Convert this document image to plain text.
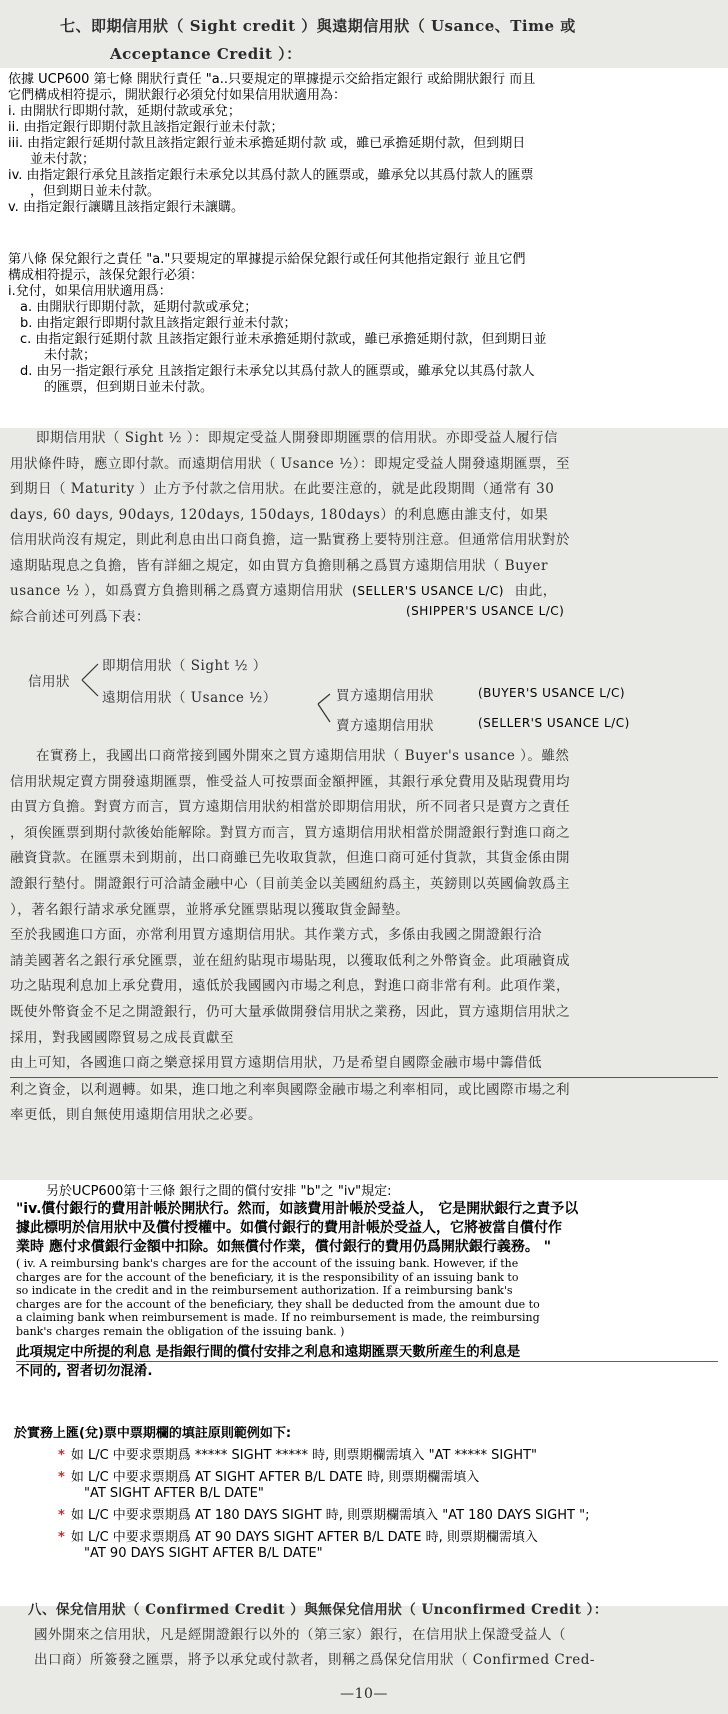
七、即期信用狀（ Sight credit ）與遠期信用狀（ Usance、Time 或
Acceptance Credit ）：
依據 UCP600 第七條 開狀行責任 "a..只要規定的單據提示交給指定銀行 或給開狀銀行 而且
它們構成相符提示，開狀銀行必須兌付如果信用狀適用為：
i. 由開狀行即期付款，延期付款或承兌；
ii. 由指定銀行即期付款且該指定銀行並未付款；
iii. 由指定銀行延期付款且該指定銀行並未承擔延期付款 或，雖已承擔延期付款，但到期日
並未付款；
iv. 由指定銀行承兌且該指定銀行未承兌以其爲付款人的匯票或，雖承兌以其爲付款人的匯票
，但到期日並未付款。
v. 由指定銀行讓購且該指定銀行未讓購。
第八條 保兌銀行之責任 "a."只要規定的單據提示給保兌銀行或任何其他指定銀行 並且它們
構成相符提示，該保兌銀行必須：
i.兌付，如果信用狀適用爲：
a. 由開狀行即期付款，延期付款或承兌；
b. 由指定銀行即期付款且該指定銀行並未付款；
c. 由指定銀行延期付款 且該指定銀行並未承擔延期付款或，雖已承擔延期付款，但到期日並
未付款；
d. 由另一指定銀行承兌 且該指定銀行未承兌以其爲付款人的匯票或，雖承兌以其爲付款人
的匯票，但到期日並未付款。
即期信用狀（ Sight ½ ）：即規定受益人開發即期匯票的信用狀。亦即受益人履行信
用狀條件時，應立即付款。而遠期信用狀（ Usance ½）：即規定受益人開發遠期匯票，至
到期日（ Maturity ）止方予付款之信用狀。在此要注意的，就是此段期間（通常有 30
days, 60 days, 90days, 120days, 150days, 180days）的利息應由誰支付，如果
信用狀尚沒有規定，則此利息由出口商負擔，這一點實務上要特別注意。但通常信用狀對於
遠期貼現息之負擔，皆有詳細之規定，如由買方負擔則稱之爲買方遠期信用狀（ Buyer
usance ½ ），如爲賣方負擔則稱之爲賣方遠期信用狀 (SELLER'S USANCE L/C) 由此，
綜合前述可列爲下表：	(SHIPPER'S USANCE L/C)
信用狀
即期信用狀（ Sight ½ ）
遠期信用狀（ Usance ½）	買方遠期信用狀	(BUYER'S USANCE L/C)
賣方遠期信用狀	(SELLER'S USANCE L/C)
在實務上，我國出口商常接到國外開來之買方遠期信用狀（ Buyer's usance ）。雖然
信用狀規定賣方開發遠期匯票，惟受益人可按票面金額押匯，其銀行承兌費用及貼現費用均
由買方負擔。對賣方而言，買方遠期信用狀約相當於即期信用狀，所不同者只是賣方之責任
，須俟匯票到期付款後始能解除。對買方而言，買方遠期信用狀相當於開證銀行對進口商之
融資貸款。在匯票未到期前，出口商雖已先收取貨款，但進口商可延付貨款，其貨金係由開
證銀行墊付。開證銀行可洽請金融中心（目前美金以美國紐約爲主，英鎊則以英國倫敦爲主
），著名銀行請求承兌匯票，並將承兌匯票貼現以獲取貨金歸墊。
至於我國進口方面，亦常利用買方遠期信用狀。其作業方式，多係由我國之開證銀行洽
請美國著名之銀行承兌匯票，並在紐約貼現市場貼現，以獲取低利之外幣資金。此項融資成
功之貼現利息加上承兌費用，遠低於我國國內市場之利息，對進口商非常有利。此項作業，
既使外幣資金不足之開證銀行，仍可大量承做開發信用狀之業務，因此，買方遠期信用狀之
採用，對我國國際貿易之成長貢獻至
由上可知，各國進口商之樂意採用買方遠期信用狀，乃是希望自國際金融市場中籌借低
利之資金，以利週轉。如果，進口地之利率與國際金融市場之利率相同，或比國際市場之利
率更低，則自無使用遠期信用狀之必要。
另於UCP600第十三條 銀行之間的償付安排 "b"之 "iv"規定:
"iv.償付銀行的費用計帳於開狀行。然而，如該費用計帳於受益人， 它是開狀銀行之責予以
據此標明於信用狀中及償付授權中。如償付銀行的費用計帳於受益人，它將被當自償付作
業時 應付求償銀行金額中扣除。如無償付作業，償付銀行的費用仍爲開狀銀行義務。 "
( iv. A reimbursing bank's charges are for the account of the issuing bank. However, if the
charges are for the account of the beneficiary, it is the responsibility of an issuing bank to
so indicate in the credit and in the reimbursement authorization. If a reimbursing bank's
charges are for the account of the beneficiary, they shall be deducted from the amount due to
a claiming bank when reimbursement is made. If no reimbursement is made, the reimbursing
bank's charges remain the obligation of the issuing bank. )
此項規定中所提的利息 是指銀行間的償付安排之利息和遠期匯票天數所産生的利息是
不同的, 習者切勿混淆.
於實務上匯(兌)票中票期欄的填註原則範例如下:
* 如 L/C 中要求票期爲 ***** SIGHT ***** 時, 則票期欄需填入 "AT ***** SIGHT"
* 如 L/C 中要求票期爲 AT SIGHT AFTER B/L DATE 時, 則票期欄需填入
"AT SIGHT AFTER B/L DATE"
* 如 L/C 中要求票期爲 AT 180 DAYS SIGHT 時, 則票期欄需填入 "AT 180 DAYS SIGHT ";
* 如 L/C 中要求票期爲 AT 90 DAYS SIGHT AFTER B/L DATE 時, 則票期欄需填入
"AT 90 DAYS SIGHT AFTER B/L DATE"
八、保兌信用狀（ Confirmed Credit ）與無保兌信用狀（ Unconfirmed Credit ）：
國外開來之信用狀，凡是經開證銀行以外的（第三家）銀行，在信用狀上保證受益人（
出口商）所簽發之匯票，將予以承兌或付款者，則稱之爲保兌信用狀（ Confirmed Cred-
—10—
